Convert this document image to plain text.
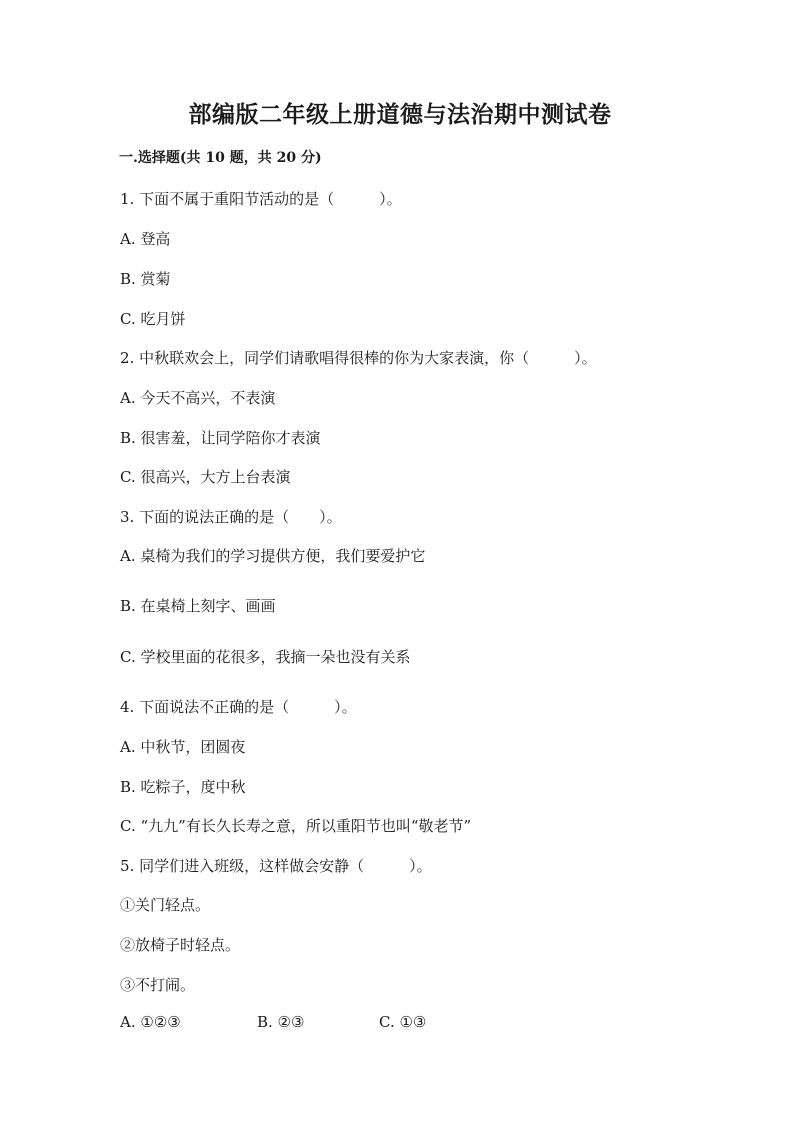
部编版二年级上册道德与法治期中测试卷
一.选择题(共 10 题，共 20 分)
1. 下面不属于重阳节活动的是（　　　）。
A. 登高
B. 赏菊
C. 吃月饼
2. 中秋联欢会上，同学们请歌唱得很棒的你为大家表演，你（　　　）。
A. 今天不高兴，不表演
B. 很害羞，让同学陪你才表演
C. 很高兴，大方上台表演
3. 下面的说法正确的是（　　）。
A. 桌椅为我们的学习提供方便，我们要爱护它
B. 在桌椅上刻字、画画
C. 学校里面的花很多，我摘一朵也没有关系
4. 下面说法不正确的是（　　　）。
A. 中秋节，团圆夜
B. 吃粽子，度中秋
C. “九九”有长久长寿之意，所以重阳节也叫“敬老节”
5. 同学们进入班级，这样做会安静（　　　）。
①关门轻点。
②放椅子时轻点。
③不打闹。
A. ①②③	B. ②③	C. ①③
